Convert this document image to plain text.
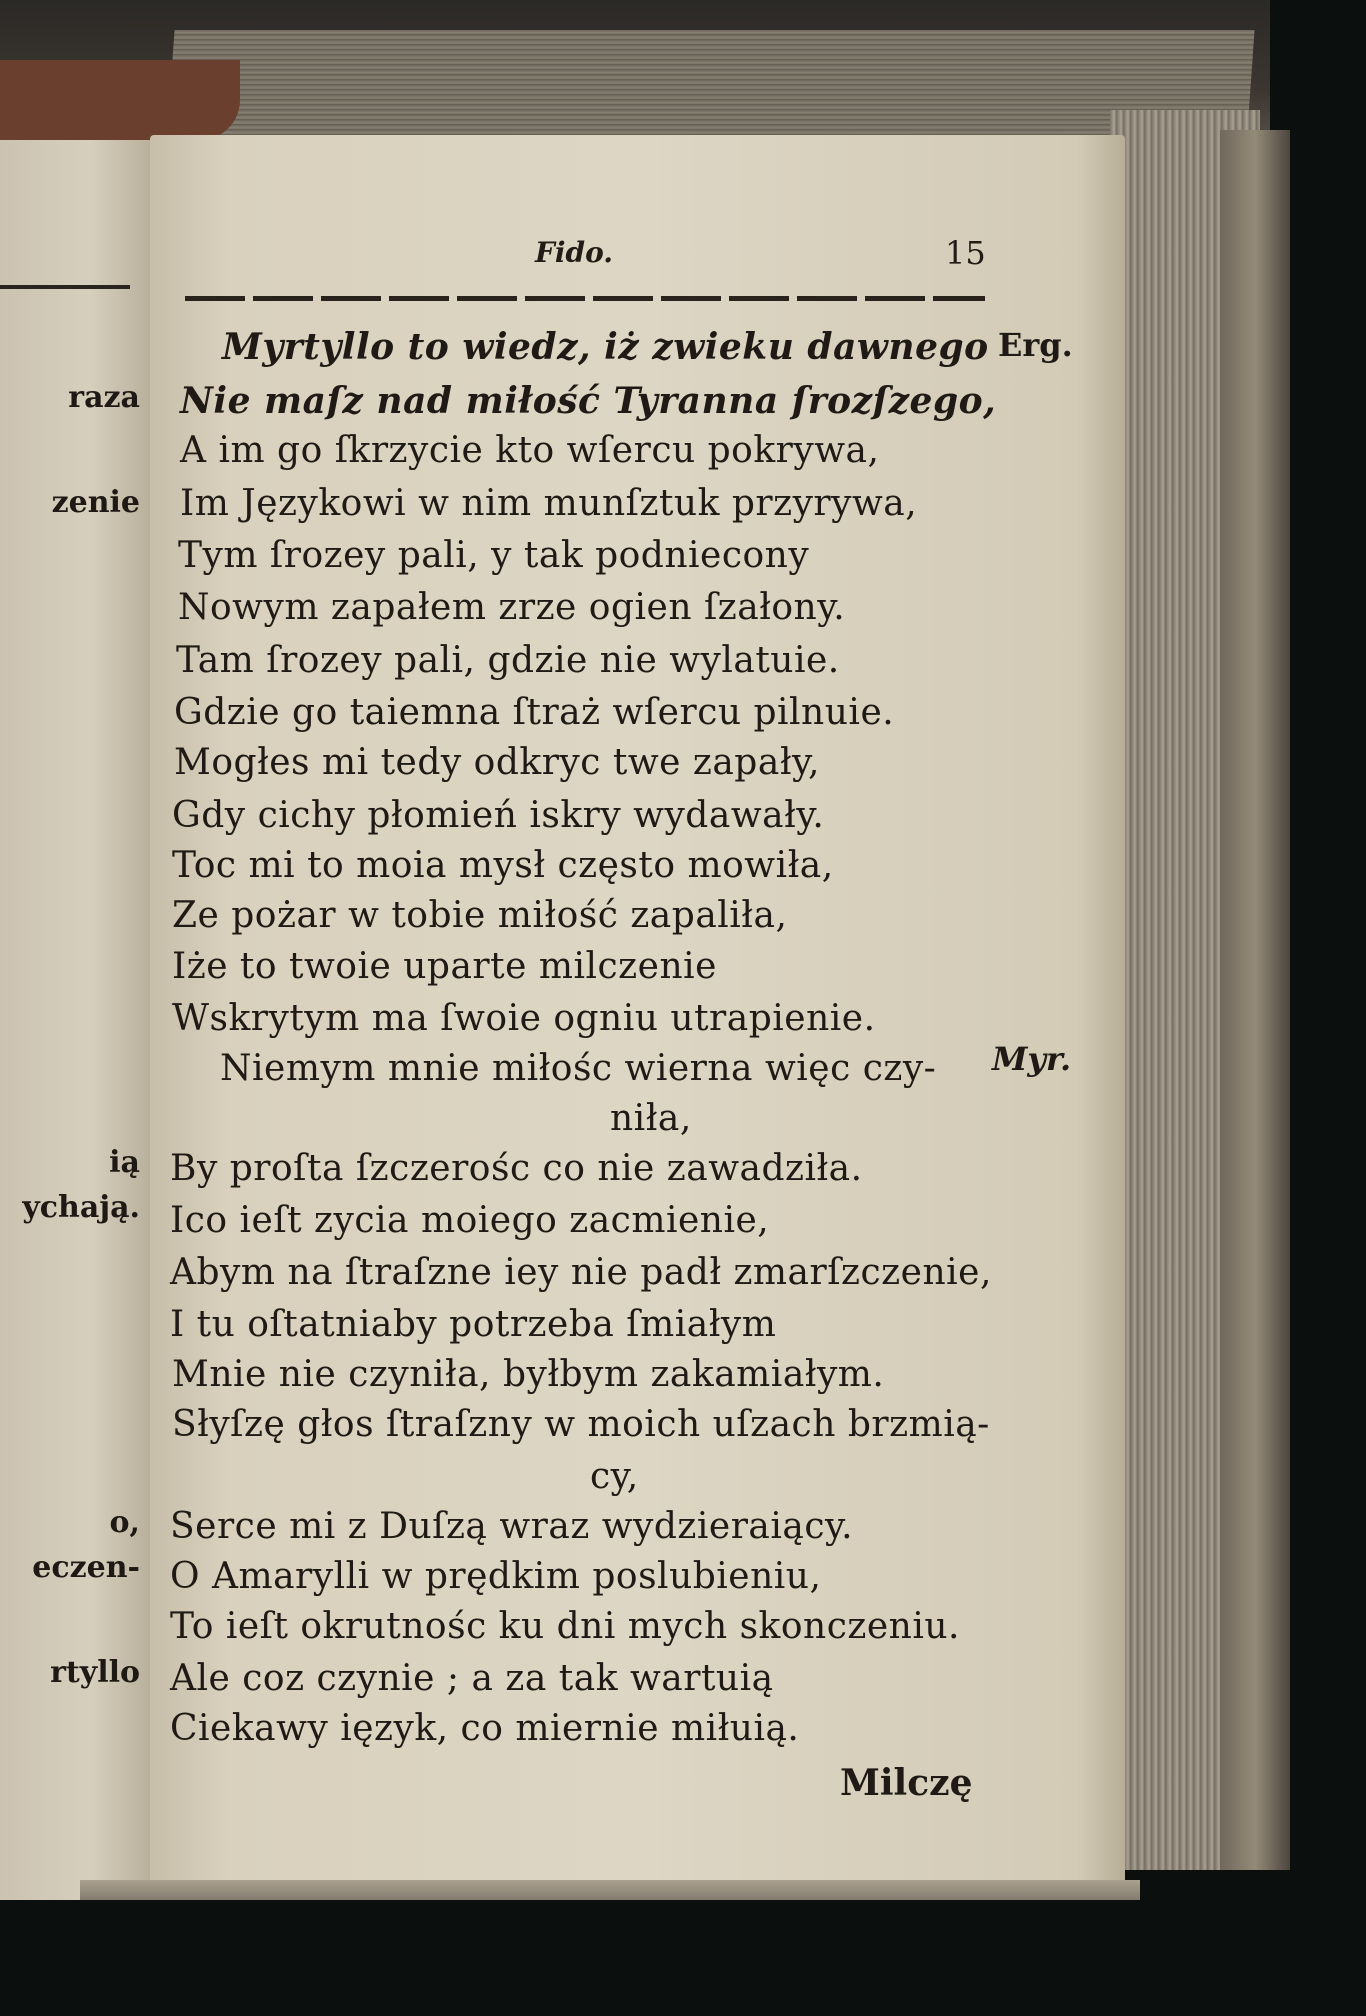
raza
zenie
ią
ychają.
o,
eczen-
rtyllo
Fido.	15
Erg.
Myr.
Myrtyllo to wiedz, iż zwieku dawnego
Nie maſz nad miłość Tyranna ſrozſzego,
A im go ſkrzycie kto wſercu pokrywa,
Im Językowi w nim munſztuk przyrywa,
Tym ſrozey pali, y tak podniecony
Nowym zapałem zrze ogien ſzałony.
Tam ſrozey pali, gdzie nie wylatuie.
Gdzie go taiemna ſtraż wſercu pilnuie.
Mogłes mi tedy odkryc twe zapały,
Gdy cichy płomień iskry wydawały.
Toc mi to moia mysł często mowiła,
Ze pożar w tobie miłość zapaliła,
Iże to twoie uparte milczenie
Wskrytym ma ſwoie ogniu utrapienie.
Niemym mnie miłośc wierna więc czy-
niła,
By proſta ſzczerośc co nie zawadziła.
Ico ieſt zycia moiego zacmienie,
Abym na ſtraſzne iey nie padł zmarſzczenie,
I tu oſtatniaby potrzeba ſmiałym
Mnie nie czyniła, byłbym zakamiałym.
Słyſzę głos ſtraſzny w moich uſzach brzmią-
cy,
Serce mi z Duſzą wraz wydzieraiący.
O Amarylli w prędkim poslubieniu,
To ieſt okrutnośc ku dni mych skonczeniu.
Ale coz czynie ; a za tak wartuią
Ciekawy ięzyk, co miernie miłuią.
Milczę
